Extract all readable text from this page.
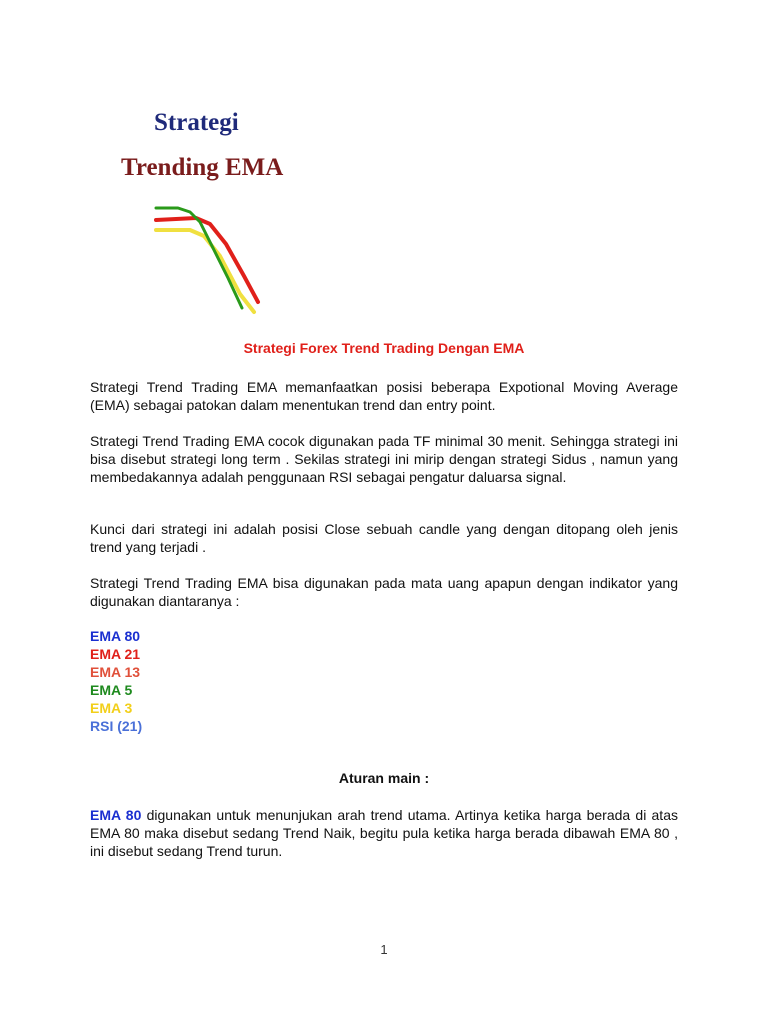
Strategi
Trending EMA
Strategi Forex Trend Trading Dengan EMA

Strategi Trend Trading EMA memanfaatkan posisi beberapa Expotional Moving Average (EMA) sebagai patokan dalam menentukan trend dan entry point.

Strategi Trend Trading EMA cocok digunakan pada TF minimal 30 menit. Sehingga strategi ini bisa disebut strategi long term . Sekilas strategi ini mirip dengan strategi Sidus , namun yang membedakannya adalah penggunaan RSI sebagai pengatur daluarsa signal.

Kunci dari strategi ini adalah posisi Close sebuah candle yang dengan ditopang oleh jenis trend yang terjadi .

Strategi Trend Trading EMA bisa digunakan pada mata uang apapun dengan indikator yang digunakan diantaranya :

EMA 80
EMA 21
EMA 13
EMA 5
EMA 3
RSI (21)
Aturan main :

EMA 80 digunakan untuk menunjukan arah trend utama. Artinya ketika harga berada di atas EMA 80 maka disebut sedang Trend Naik, begitu pula ketika harga berada dibawah EMA 80 , ini disebut sedang Trend turun.

1
